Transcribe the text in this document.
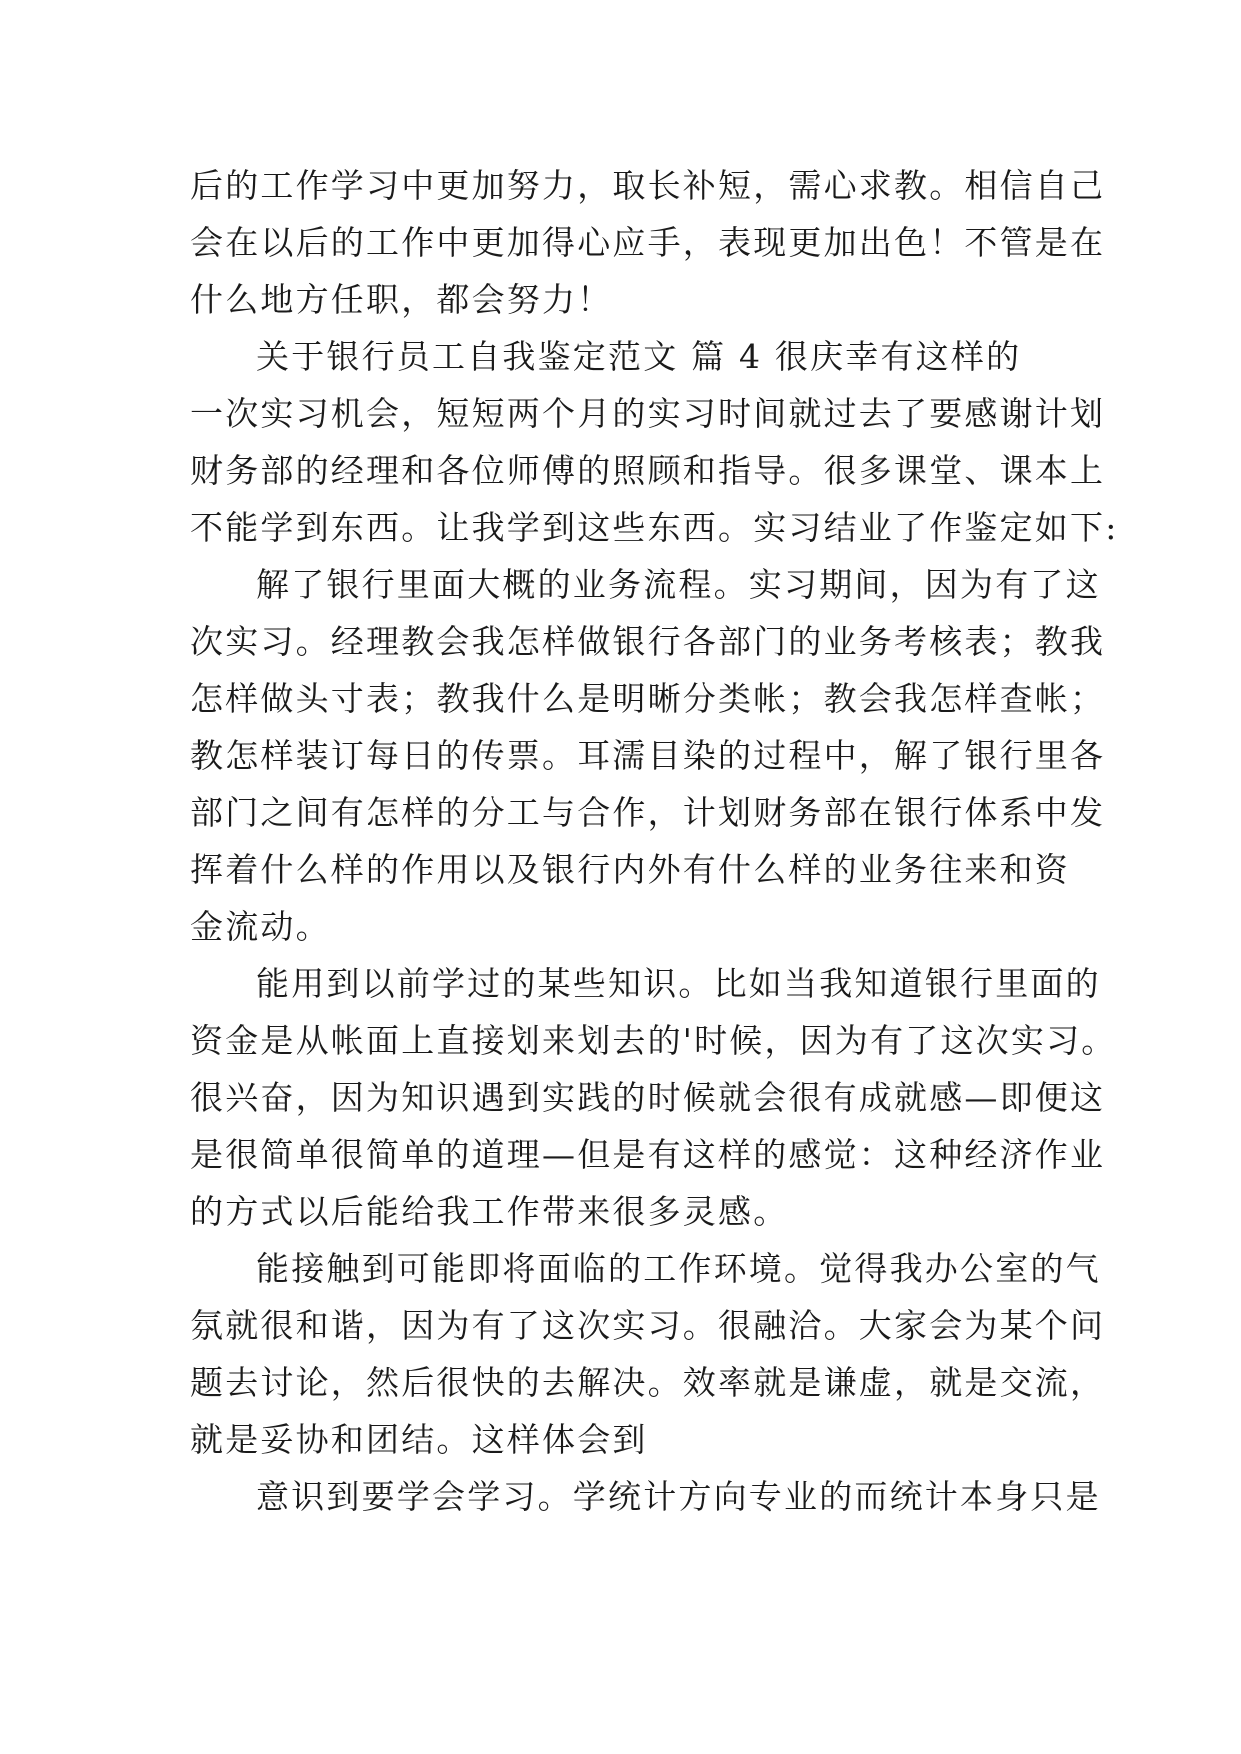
后的工作学习中更加努力，取长补短，需心求教。相信自己
会在以后的工作中更加得心应手，表现更加出色！不管是在
什么地方任职，都会努力！
关于银行员工自我鉴定范文 篇 4 很庆幸有这样的
一次实习机会，短短两个月的实习时间就过去了要感谢计划
财务部的经理和各位师傅的照顾和指导。很多课堂、课本上
不能学到东西。让我学到这些东西。实习结业了作鉴定如下:
解了银行里面大概的业务流程。实习期间，因为有了这
次实习。经理教会我怎样做银行各部门的业务考核表；教我
怎样做头寸表；教我什么是明晰分类帐；教会我怎样查帐；
教怎样装订每日的传票。耳濡目染的过程中，解了银行里各
部门之间有怎样的分工与合作，计划财务部在银行体系中发
挥着什么样的作用以及银行内外有什么样的业务往来和资
金流动。
能用到以前学过的某些知识。比如当我知道银行里面的
资金是从帐面上直接划来划去的'时候，因为有了这次实习。
很兴奋，因为知识遇到实践的时候就会很有成就感—即便这
是很简单很简单的道理—但是有这样的感觉：这种经济作业
的方式以后能给我工作带来很多灵感。
能接触到可能即将面临的工作环境。觉得我办公室的气
氛就很和谐，因为有了这次实习。很融洽。大家会为某个问
题去讨论，然后很快的去解决。效率就是谦虚，就是交流，
就是妥协和团结。这样体会到
意识到要学会学习。学统计方向专业的而统计本身只是
